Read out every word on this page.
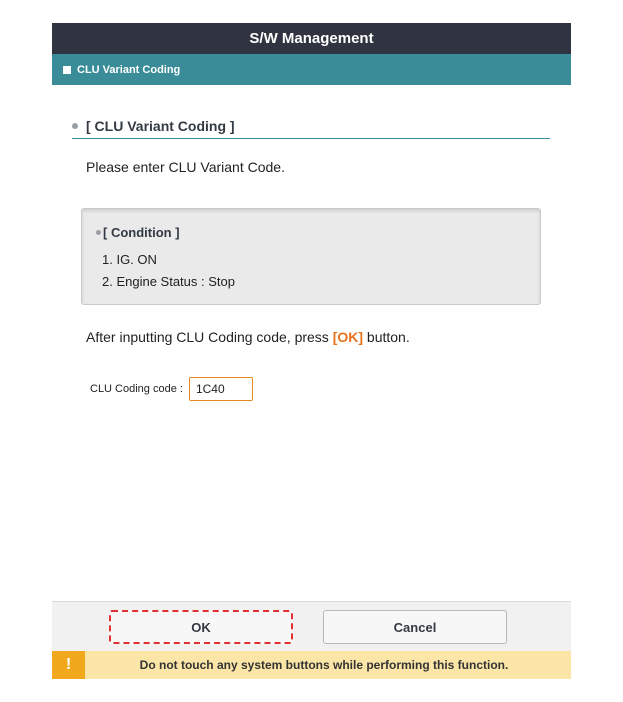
S/W Management
CLU Variant Coding
[ CLU Variant Coding ]
Please enter CLU Variant Code.
[ Condition ]
1. IG. ON
2. Engine Status : Stop
After inputting CLU Coding code, press [OK] button.
CLU Coding code :
1C40
OK	Cancel
!	Do not touch any system buttons while performing this function.
